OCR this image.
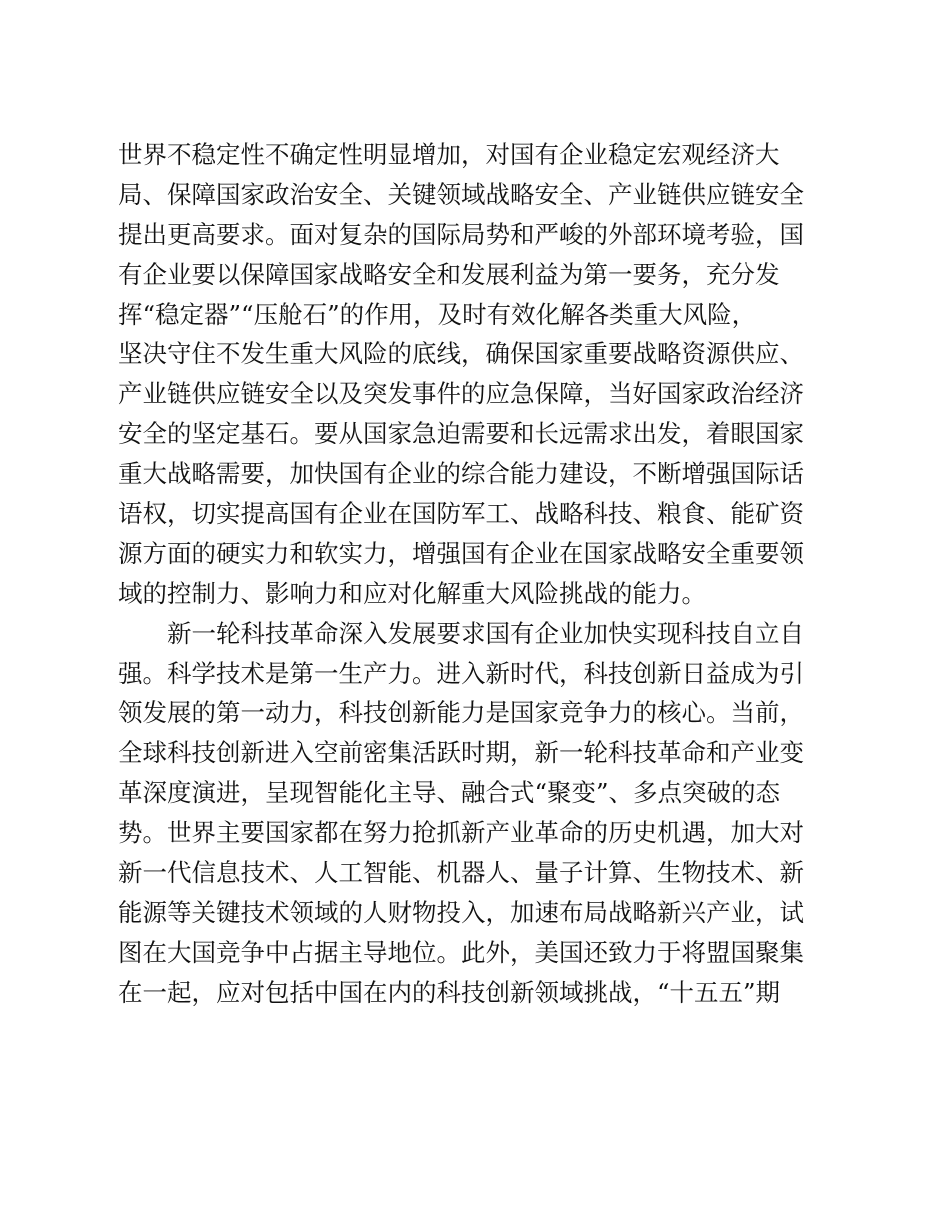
世界不稳定性不确定性明显增加，对国有企业稳定宏观经济大
局、保障国家政治安全、关键领域战略安全、产业链供应链安全
提出更高要求。面对复杂的国际局势和严峻的外部环境考验，国
有企业要以保障国家战略安全和发展利益为第一要务，充分发
挥“稳定器”“压舱石”的作用，及时有效化解各类重大风险，
坚决守住不发生重大风险的底线，确保国家重要战略资源供应、
产业链供应链安全以及突发事件的应急保障，当好国家政治经济
安全的坚定基石。要从国家急迫需要和长远需求出发，着眼国家
重大战略需要，加快国有企业的综合能力建设，不断增强国际话
语权，切实提高国有企业在国防军工、战略科技、粮食、能矿资
源方面的硬实力和软实力，增强国有企业在国家战略安全重要领
域的控制力、影响力和应对化解重大风险挑战的能力。
新一轮科技革命深入发展要求国有企业加快实现科技自立自
强。科学技术是第一生产力。进入新时代，科技创新日益成为引
领发展的第一动力，科技创新能力是国家竞争力的核心。当前，
全球科技创新进入空前密集活跃时期，新一轮科技革命和产业变
革深度演进，呈现智能化主导、融合式“聚变”、多点突破的态
势。世界主要国家都在努力抢抓新产业革命的历史机遇，加大对
新一代信息技术、人工智能、机器人、量子计算、生物技术、新
能源等关键技术领域的人财物投入，加速布局战略新兴产业，试
图在大国竞争中占据主导地位。此外，美国还致力于将盟国聚集
在一起，应对包括中国在内的科技创新领域挑战，“十五五”期
